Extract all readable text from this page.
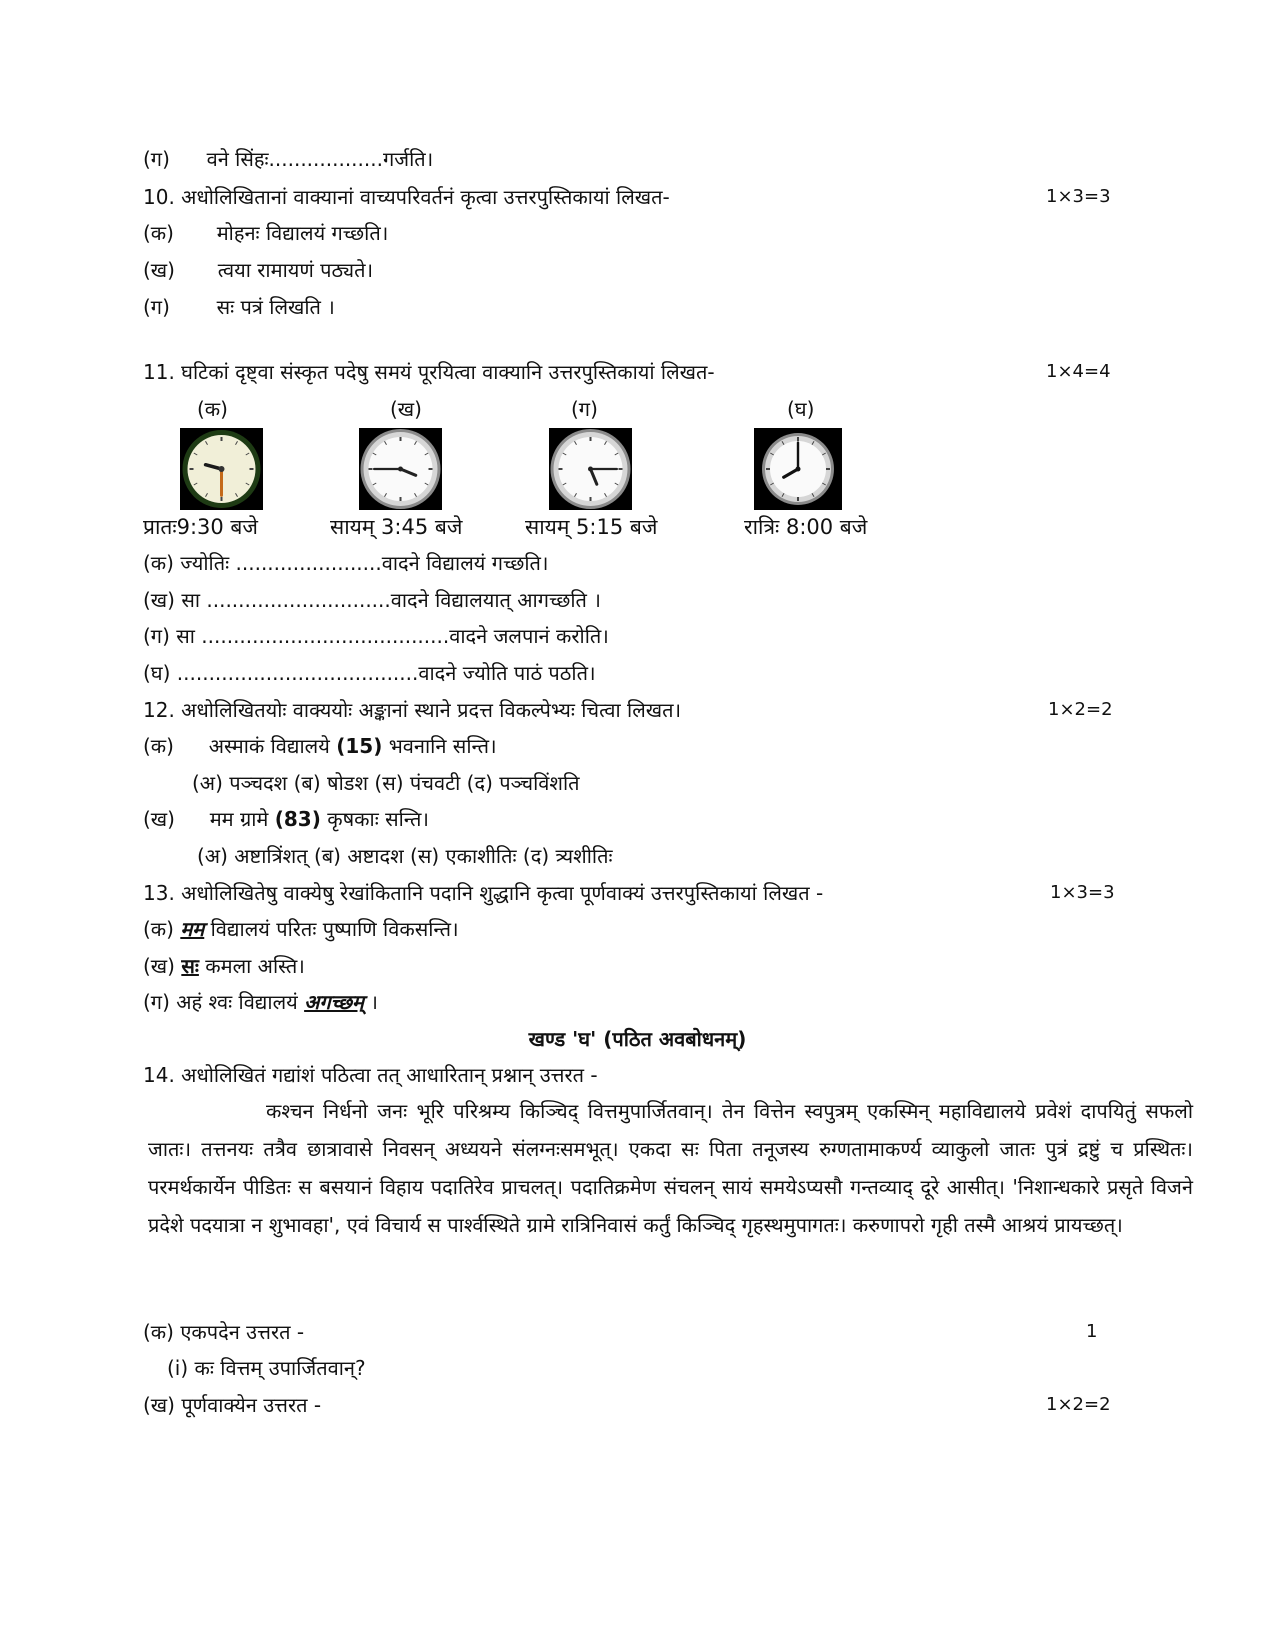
(ग) वने सिंहः..................गर्जति।
10. अधोलिखितानां वाक्यानां वाच्यपरिवर्तनं कृत्वा उत्तरपुस्तिकायां लिखत-	1×3=3
(क) मोहनः विद्यालयं गच्छति।
(ख) त्वया रामायणं पठ्यते।
(ग) सः पत्रं लिखति ।
11. घटिकां दृष्ट्वा संस्कृत पदेषु समयं पूरयित्वा वाक्यानि उत्तरपुस्तिकायां लिखत-	1×4=4
(क)	(ख)	(ग)	(घ)
प्रातः9:30 बजे	सायम् 3:45 बजे	सायम् 5:15 बजे	रात्रिः 8:00 बजे
(क) ज्योतिः .......................वादने विद्यालयं गच्छति।
(ख) सा .............................वादने विद्यालयात् आगच्छति ।
(ग) सा .......................................वादने जलपानं करोति।
(घ) ......................................वादने ज्योति पाठं पठति।
12. अधोलिखितयोः वाक्ययोः अङ्कानां स्थाने प्रदत्त विकल्पेभ्यः चित्वा लिखत।	1×2=2
(क) अस्माकं विद्यालये (15) भवनानि सन्ति।
(अ) पञ्चदश (ब) षोडश (स) पंचवटी (द) पञ्चविंशति
(ख) मम ग्रामे (83) कृषकाः सन्ति।
(अ) अष्टात्रिंशत् (ब) अष्टादश (स) एकाशीतिः (द) त्र्यशीतिः
13. अधोलिखितेषु वाक्येषु रेखांकितानि पदानि शुद्धानि कृत्वा पूर्णवाक्यं उत्तरपुस्तिकायां लिखत -	1×3=3
(क) मम विद्यालयं परितः पुष्पाणि विकसन्ति।
(ख) सः कमला अस्ति।
(ग) अहं श्वः विद्यालयं अगच्छम् ।
खण्ड 'घ' (पठित अवबोधनम्)
14. अधोलिखितं गद्यांशं पठित्वा तत् आधारितान् प्रश्नान् उत्तरत -
कश्चन निर्धनो जनः भूरि परिश्रम्य किञ्चिद् वित्तमुपार्जितवान्। तेन वित्तेन स्वपुत्रम् एकस्मिन् महाविद्यालये प्रवेशं दापयितुं सफलो जातः। तत्तनयः तत्रैव छात्रावासे निवसन् अध्ययने संलग्नःसमभूत्। एकदा सः पिता तनूजस्य रुग्णतामाकर्ण्य व्याकुलो जातः पुत्रं द्रष्टुं च प्रस्थितः। परमर्थकार्येन पीडितः स बसयानं विहाय पदातिरेव प्राचलत्। पदातिक्रमेण संचलन् सायं समयेऽप्यसौ गन्तव्याद् दूरे आसीत्। 'निशान्धकारे प्रसृते विजने प्रदेशे पदयात्रा न शुभावहा', एवं विचार्य स पार्श्वस्थिते ग्रामे रात्रिनिवासं कर्तुं किञ्चिद् गृहस्थमुपागतः। करुणापरो गृही तस्मै आश्रयं प्रायच्छत्।
(क) एकपदेन उत्तरत -	1
(i) कः वित्तम् उपार्जितवान्?
(ख) पूर्णवाक्येन उत्तरत -	1×2=2
